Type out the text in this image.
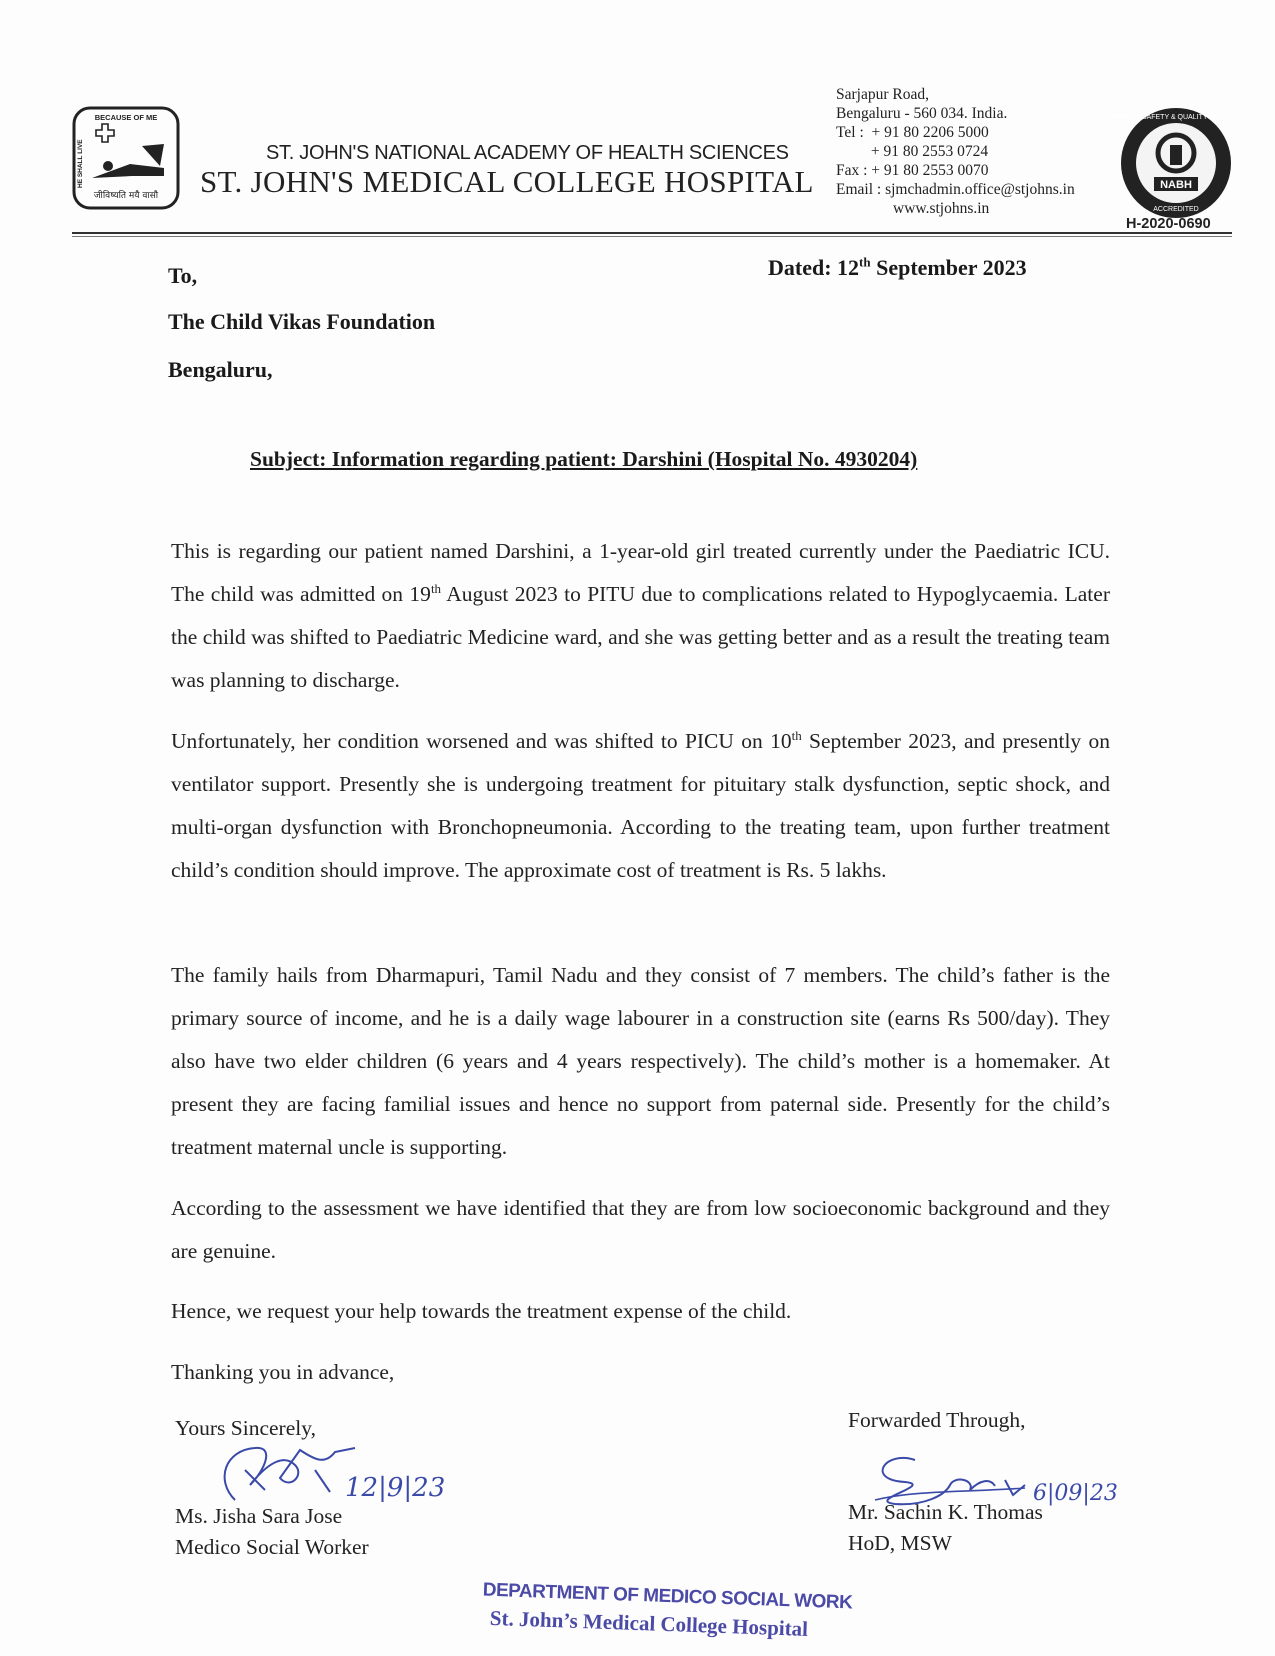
BECAUSE OF ME
HE SHALL LIVE
जीविष्यति मयै वासौ
ST. JOHN'S NATIONAL ACADEMY OF HEALTH SCIENCES
ST. JOHN'S MEDICAL COLLEGE HOSPITAL
Sarjapur Road,
Bengaluru - 560 034. India.
Tel :  + 91 80 2206 5000
+ 91 80 2553 0724
Fax : + 91 80 2553 0070
Email : sjmchadmin.office@stjohns.in
www.stjohns.in
NABH
PATIENT SAFETY & QUALITY OF CARE
ACCREDITED
H-2020-0690
To,
The Child Vikas Foundation
Bengaluru,
Dated: 12th September 2023
Subject: Information regarding patient: Darshini (Hospital No. 4930204)
This is regarding our patient named Darshini, a 1-year-old girl treated currently under the Paediatric ICU. The child was admitted on 19th August 2023 to PITU due to complications related to Hypoglycaemia. Later the child was shifted to Paediatric Medicine ward, and she was getting better and as a result the treating team was planning to discharge.
Unfortunately, her condition worsened and was shifted to PICU on 10th September 2023, and presently on ventilator support. Presently she is undergoing treatment for pituitary stalk dysfunction, septic shock, and multi-organ dysfunction with Bronchopneumonia. According to the treating team, upon further treatment child’s condition should improve. The approximate cost of treatment is Rs. 5 lakhs.
The family hails from Dharmapuri, Tamil Nadu and they consist of 7 members. The child’s father is the primary source of income, and he is a daily wage labourer in a construction site (earns Rs 500/day). They also have two elder children (6 years and 4 years respectively). The child’s mother is a homemaker. At present they are facing familial issues and hence no support from paternal side. Presently for the child’s treatment maternal uncle is supporting.
According to the assessment we have identified that they are from low socioeconomic background and they are genuine.
Hence, we request your help towards the treatment expense of the child.
Thanking you in advance,
Yours Sincerely,	Forwarded Through,
12|9|23	6|09|23
Ms. Jisha Sara Jose
Medico Social Worker
Mr. Sachin K. Thomas
HoD, MSW
DEPARTMENT OF MEDICO SOCIAL WORK
St. John’s Medical College Hospital
